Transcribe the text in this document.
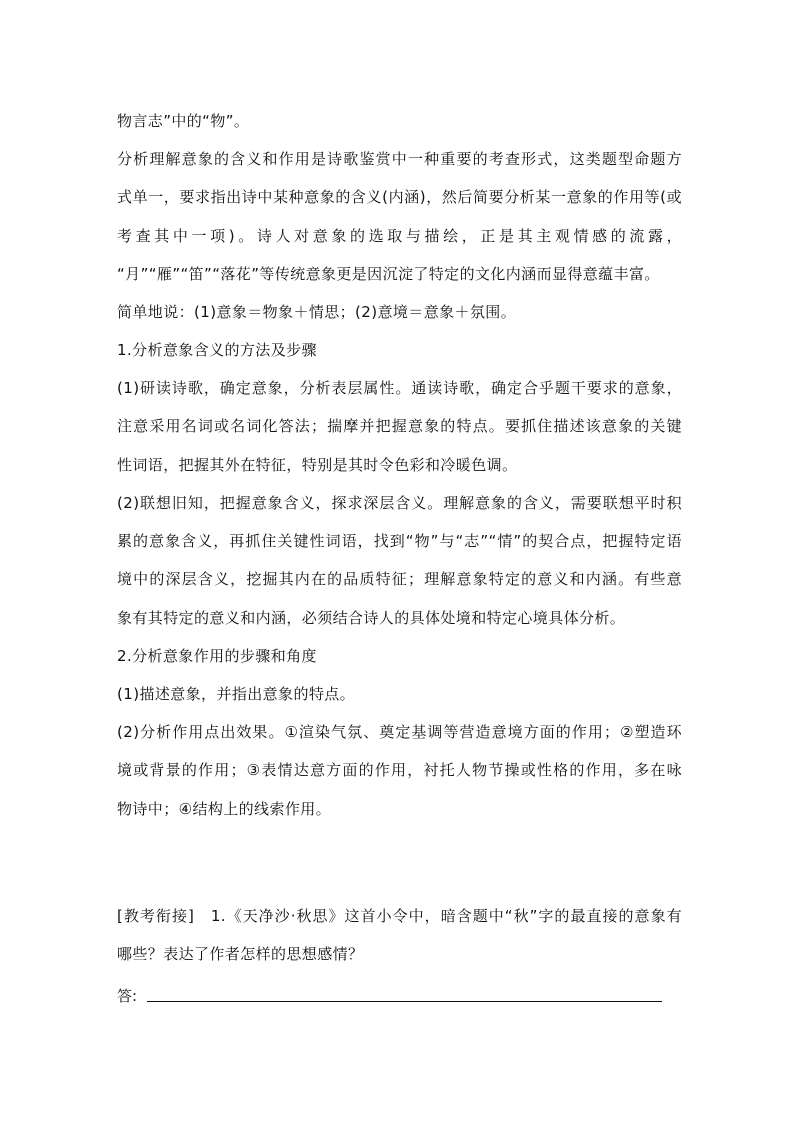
物言志”中的“物”。
分析理解意象的含义和作用是诗歌鉴赏中一种重要的考查形式，这类题型命题方
式单一，要求指出诗中某种意象的含义(内涵)，然后简要分析某一意象的作用等(或
考查其中一项)。诗人对意象的选取与描绘，正是其主观情感的流露，
“月”“雁”“笛”“落花”等传统意象更是因沉淀了特定的文化内涵而显得意蕴丰富。
简单地说：(1)意象＝物象＋情思；(2)意境＝意象＋氛围。
1.分析意象含义的方法及步骤
(1)研读诗歌，确定意象，分析表层属性。通读诗歌，确定合乎题干要求的意象，
注意采用名词或名词化答法；揣摩并把握意象的特点。要抓住描述该意象的关键
性词语，把握其外在特征，特别是其时令色彩和冷暖色调。
(2)联想旧知，把握意象含义，探求深层含义。理解意象的含义，需要联想平时积
累的意象含义，再抓住关键性词语，找到“物”与“志”“情”的契合点，把握特定语
境中的深层含义，挖掘其内在的品质特征；理解意象特定的意义和内涵。有些意
象有其特定的意义和内涵，必须结合诗人的具体处境和特定心境具体分析。
2.分析意象作用的步骤和角度
(1)描述意象，并指出意象的特点。
(2)分析作用点出效果。①渲染气氛、奠定基调等营造意境方面的作用；②塑造环
境或背景的作用；③表情达意方面的作用，衬托人物节操或性格的作用，多在咏
物诗中；④结构上的线索作用。
[教考衔接]　1.《天净沙·秋思》这首小令中，暗含题中“秋”字的最直接的意象有
哪些？表达了作者怎样的思想感情？
答:
